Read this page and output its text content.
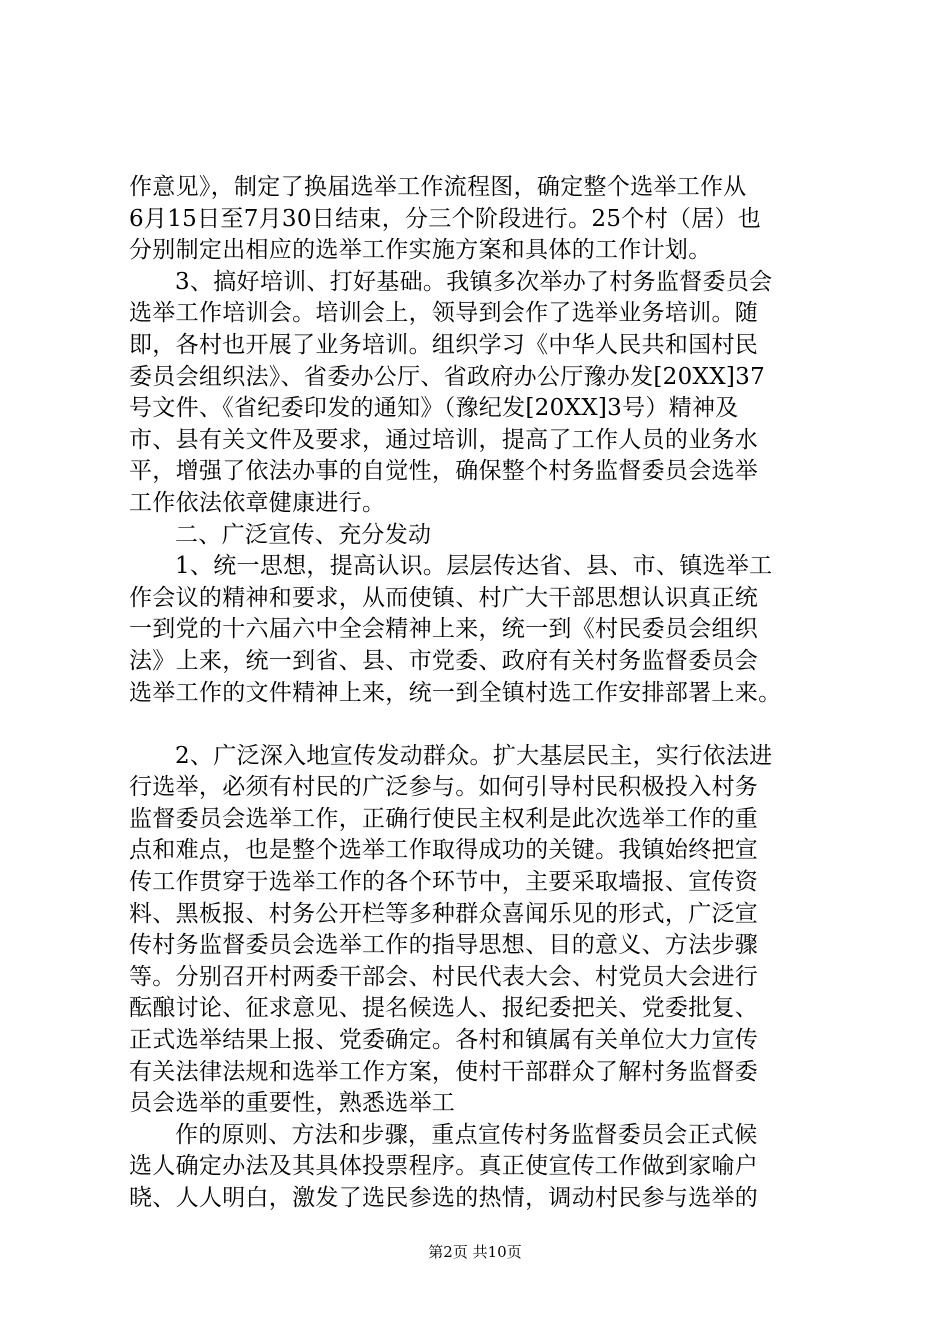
作意见》，制定了换届选举工作流程图，确定整个选举工作从
6月15日至7月30日结束，分三个阶段进行。25个村（居）也
分别制定出相应的选举工作实施方案和具体的工作计划。
3、搞好培训、打好基础。我镇多次举办了村务监督委员会
选举工作培训会。培训会上，领导到会作了选举业务培训。随
即，各村也开展了业务培训。组织学习《中华人民共和国村民
委员会组织法》、省委办公厅、省政府办公厅豫办发[20XX]37
号文件、《省纪委印发的通知》（豫纪发[20XX]3号）精神及
市、县有关文件及要求，通过培训，提高了工作人员的业务水
平，增强了依法办事的自觉性，确保整个村务监督委员会选举
工作依法依章健康进行。
二、广泛宣传、充分发动
1、统一思想，提高认识。层层传达省、县、市、镇选举工
作会议的精神和要求，从而使镇、村广大干部思想认识真正统
一到党的十六届六中全会精神上来，统一到《村民委员会组织
法》上来，统一到省、县、市党委、政府有关村务监督委员会
选举工作的文件精神上来，统一到全镇村选工作安排部署上来。
2、广泛深入地宣传发动群众。扩大基层民主，实行依法进
行选举，必须有村民的广泛参与。如何引导村民积极投入村务
监督委员会选举工作，正确行使民主权利是此次选举工作的重
点和难点，也是整个选举工作取得成功的关键。我镇始终把宣
传工作贯穿于选举工作的各个环节中，主要采取墙报、宣传资
料、黑板报、村务公开栏等多种群众喜闻乐见的形式，广泛宣
传村务监督委员会选举工作的指导思想、目的意义、方法步骤
等。分别召开村两委干部会、村民代表大会、村党员大会进行
酝酿讨论、征求意见、提名候选人、报纪委把关、党委批复、
正式选举结果上报、党委确定。各村和镇属有关单位大力宣传
有关法律法规和选举工作方案，使村干部群众了解村务监督委
员会选举的重要性，熟悉选举工
作的原则、方法和步骤，重点宣传村务监督委员会正式候
选人确定办法及其具体投票程序。真正使宣传工作做到家喻户
晓、人人明白，激发了选民参选的热情，调动村民参与选举的
第2页 共10页
